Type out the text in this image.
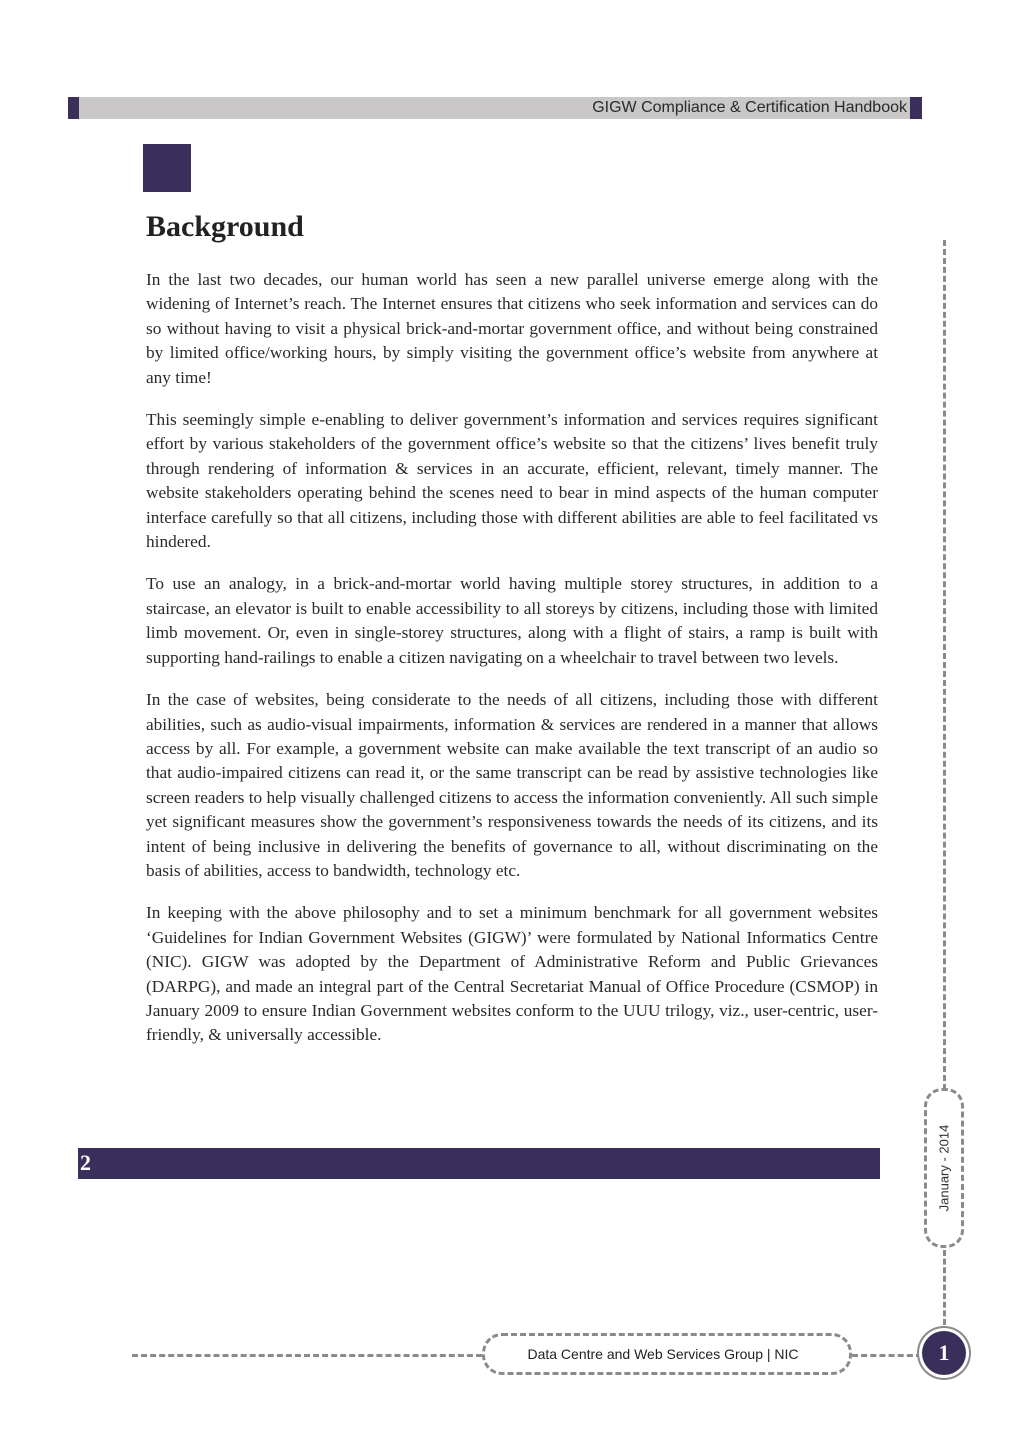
GIGW Compliance & Certification Handbook
Background

In the last two decades, our human world has seen a new parallel universe emerge along with the widening of Internet’s reach. The Internet ensures that citizens who seek information and services can do so without having to visit a physical brick-and-mortar government office, and without being constrained by limited office/working hours, by simply visiting the government office’s website from anywhere at any time!

This seemingly simple e-enabling to deliver government’s information and services requires significant effort by various stakeholders of the government office’s website so that the citizens’ lives benefit truly through rendering of information & services in an accurate, efficient, relevant, timely manner. The website stakeholders operating behind the scenes need to bear in mind aspects of the human computer interface carefully so that all citizens, including those with different abilities are able to feel facilitated vs hindered.

To use an analogy, in a brick-and-mortar world having multiple storey structures, in addition to a staircase, an elevator is built to enable accessibility to all storeys by citizens, including those with limited limb movement. Or, even in single-storey structures, along with a flight of stairs, a ramp is built with supporting hand-railings to enable a citizen navigating on a wheelchair to travel between two levels.

In the case of websites, being considerate to the needs of all citizens, including those with different abilities, such as audio-visual impairments, information & services are rendered in a manner that allows access by all. For example, a government website can make available the text transcript of an audio so that audio-impaired citizens can read it, or the same transcript can be read by assistive technologies like screen readers to help visually challenged citizens to access the information conveniently. All such simple yet significant measures show the government’s responsiveness towards the needs of its citizens, and its intent of being inclusive in delivering the benefits of governance to all, without discriminating on the basis of abilities, access to bandwidth, technology etc.

In keeping with the above philosophy and to set a minimum benchmark for all government websites ‘Guidelines for Indian Government Websites (GIGW)’ were formulated by National Informatics Centre (NIC). GIGW was adopted by the Department of Administrative Reform and Public Grievances (DARPG), and made an integral part of the Central Secretariat Manual of Office Procedure (CSMOP) in January 2009 to ensure Indian Government websites conform to the UUU trilogy, viz., user-centric, user-friendly, & universally accessible.

2	January - 2014
Data Centre and Web Services Group | NIC	1
